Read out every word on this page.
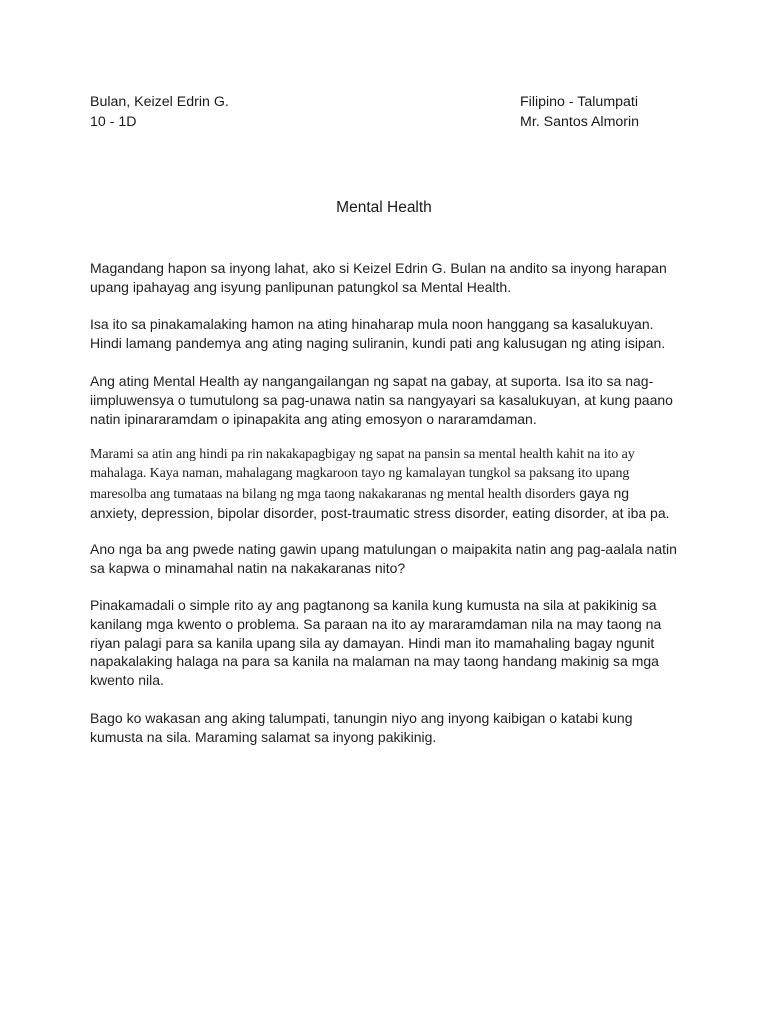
Bulan, Keizel Edrin G.
10 - 1D
Filipino - Talumpati
Mr. Santos Almorin
Mental Health

Magandang hapon sa inyong lahat, ako si Keizel Edrin G. Bulan na andito sa inyong harapan
upang ipahayag ang isyung panlipunan patungkol sa Mental Health.

Isa ito sa pinakamalaking hamon na ating hinaharap mula noon hanggang sa kasalukuyan.
Hindi lamang pandemya ang ating naging suliranin, kundi pati ang kalusugan ng ating isipan.

Ang ating Mental Health ay nangangailangan ng sapat na gabay, at suporta. Isa ito sa nag-
iimpluwensya o tumutulong sa pag-unawa natin sa nangyayari sa kasalukuyan, at kung paano
natin ipinararamdam o ipinapakita ang ating emosyon o nararamdaman.

Marami sa atin ang hindi pa rin nakakapagbigay ng sapat na pansin sa mental health kahit na ito ay
mahalaga. Kaya naman, mahalagang magkaroon tayo ng kamalayan tungkol sa paksang ito upang
maresolba ang tumataas na bilang ng mga taong nakakaranas ng mental health disorders gaya ng
anxiety, depression, bipolar disorder, post-traumatic stress disorder, eating disorder, at iba pa.

Ano nga ba ang pwede nating gawin upang matulungan o maipakita natin ang pag-aalala natin
sa kapwa o minamahal natin na nakakaranas nito?

Pinakamadali o simple rito ay ang pagtanong sa kanila kung kumusta na sila at pakikinig sa
kanilang mga kwento o problema. Sa paraan na ito ay mararamdaman nila na may taong na
riyan palagi para sa kanila upang sila ay damayan. Hindi man ito mamahaling bagay ngunit
napakalaking halaga na para sa kanila na malaman na may taong handang makinig sa mga
kwento nila.

Bago ko wakasan ang aking talumpati, tanungin niyo ang inyong kaibigan o katabi kung
kumusta na sila. Maraming salamat sa inyong pakikinig.
